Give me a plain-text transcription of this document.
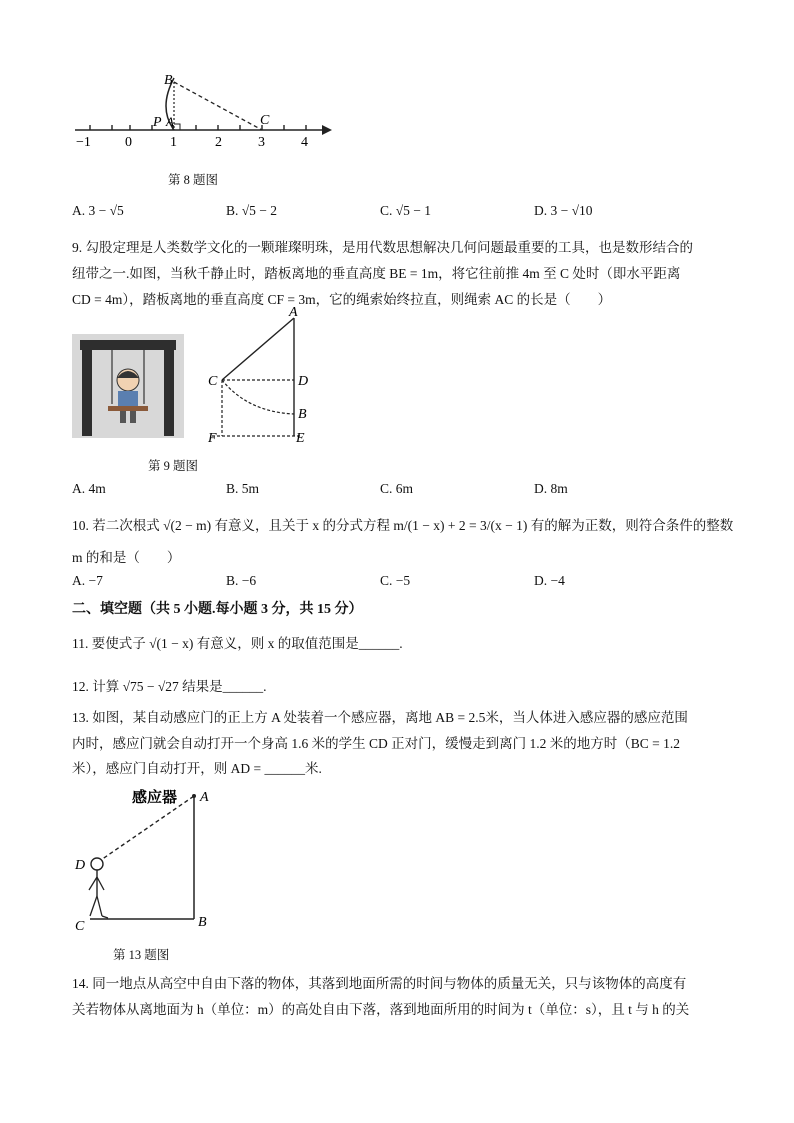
B
P A	C
−1 0	1	2	3	4
第 8 题图
A. 3 − √5	B. √5 − 2	C. √5 − 1	D. 3 − √10
9. 勾股定理是人类数学文化的一颗璀璨明珠，是用代数思想解决几何问题最重要的工具，也是数形结合的
纽带之一.如图，当秋千静止时，踏板离地的垂直高度 BE = 1m，将它往前推 4m 至 C 处时（即水平距离
CD = 4m），踏板离地的垂直高度 CF = 3m，它的绳索始终拉直，则绳索 AC 的长是（　　）
A
C	D
B
F	E
第 9 题图
A. 4m	B. 5m	C. 6m	D. 8m
10. 若二次根式 √(2 − m) 有意义，且关于 x 的分式方程 m/(1 − x) + 2 = 3/(x − 1) 有的解为正数，则符合条件的整数
m 的和是（　　）
A. −7	B. −6	C. −5	D. −4
二、填空题（共 5 小题.每小题 3 分，共 15 分）
11. 要使式子 √(1 − x) 有意义，则 x 的取值范围是______.
12. 计算 √75 − √27 结果是______.
13. 如图，某自动感应门的正上方 A 处装着一个感应器，离地 AB = 2.5米，当人体进入感应器的感应范围
内时，感应门就会自动打开一个身高 1.6 米的学生 CD 正对门，缓慢走到离门 1.2 米的地方时（BC = 1.2
米），感应门自动打开，则 AD = ______米.
感应器 A
D
C	B
第 13 题图
14. 同一地点从高空中自由下落的物体，其落到地面所需的时间与物体的质量无关，只与该物体的高度有
关若物体从离地面为 h（单位：m）的高处自由下落，落到地面所用的时间为 t（单位：s），且 t 与 h 的关
